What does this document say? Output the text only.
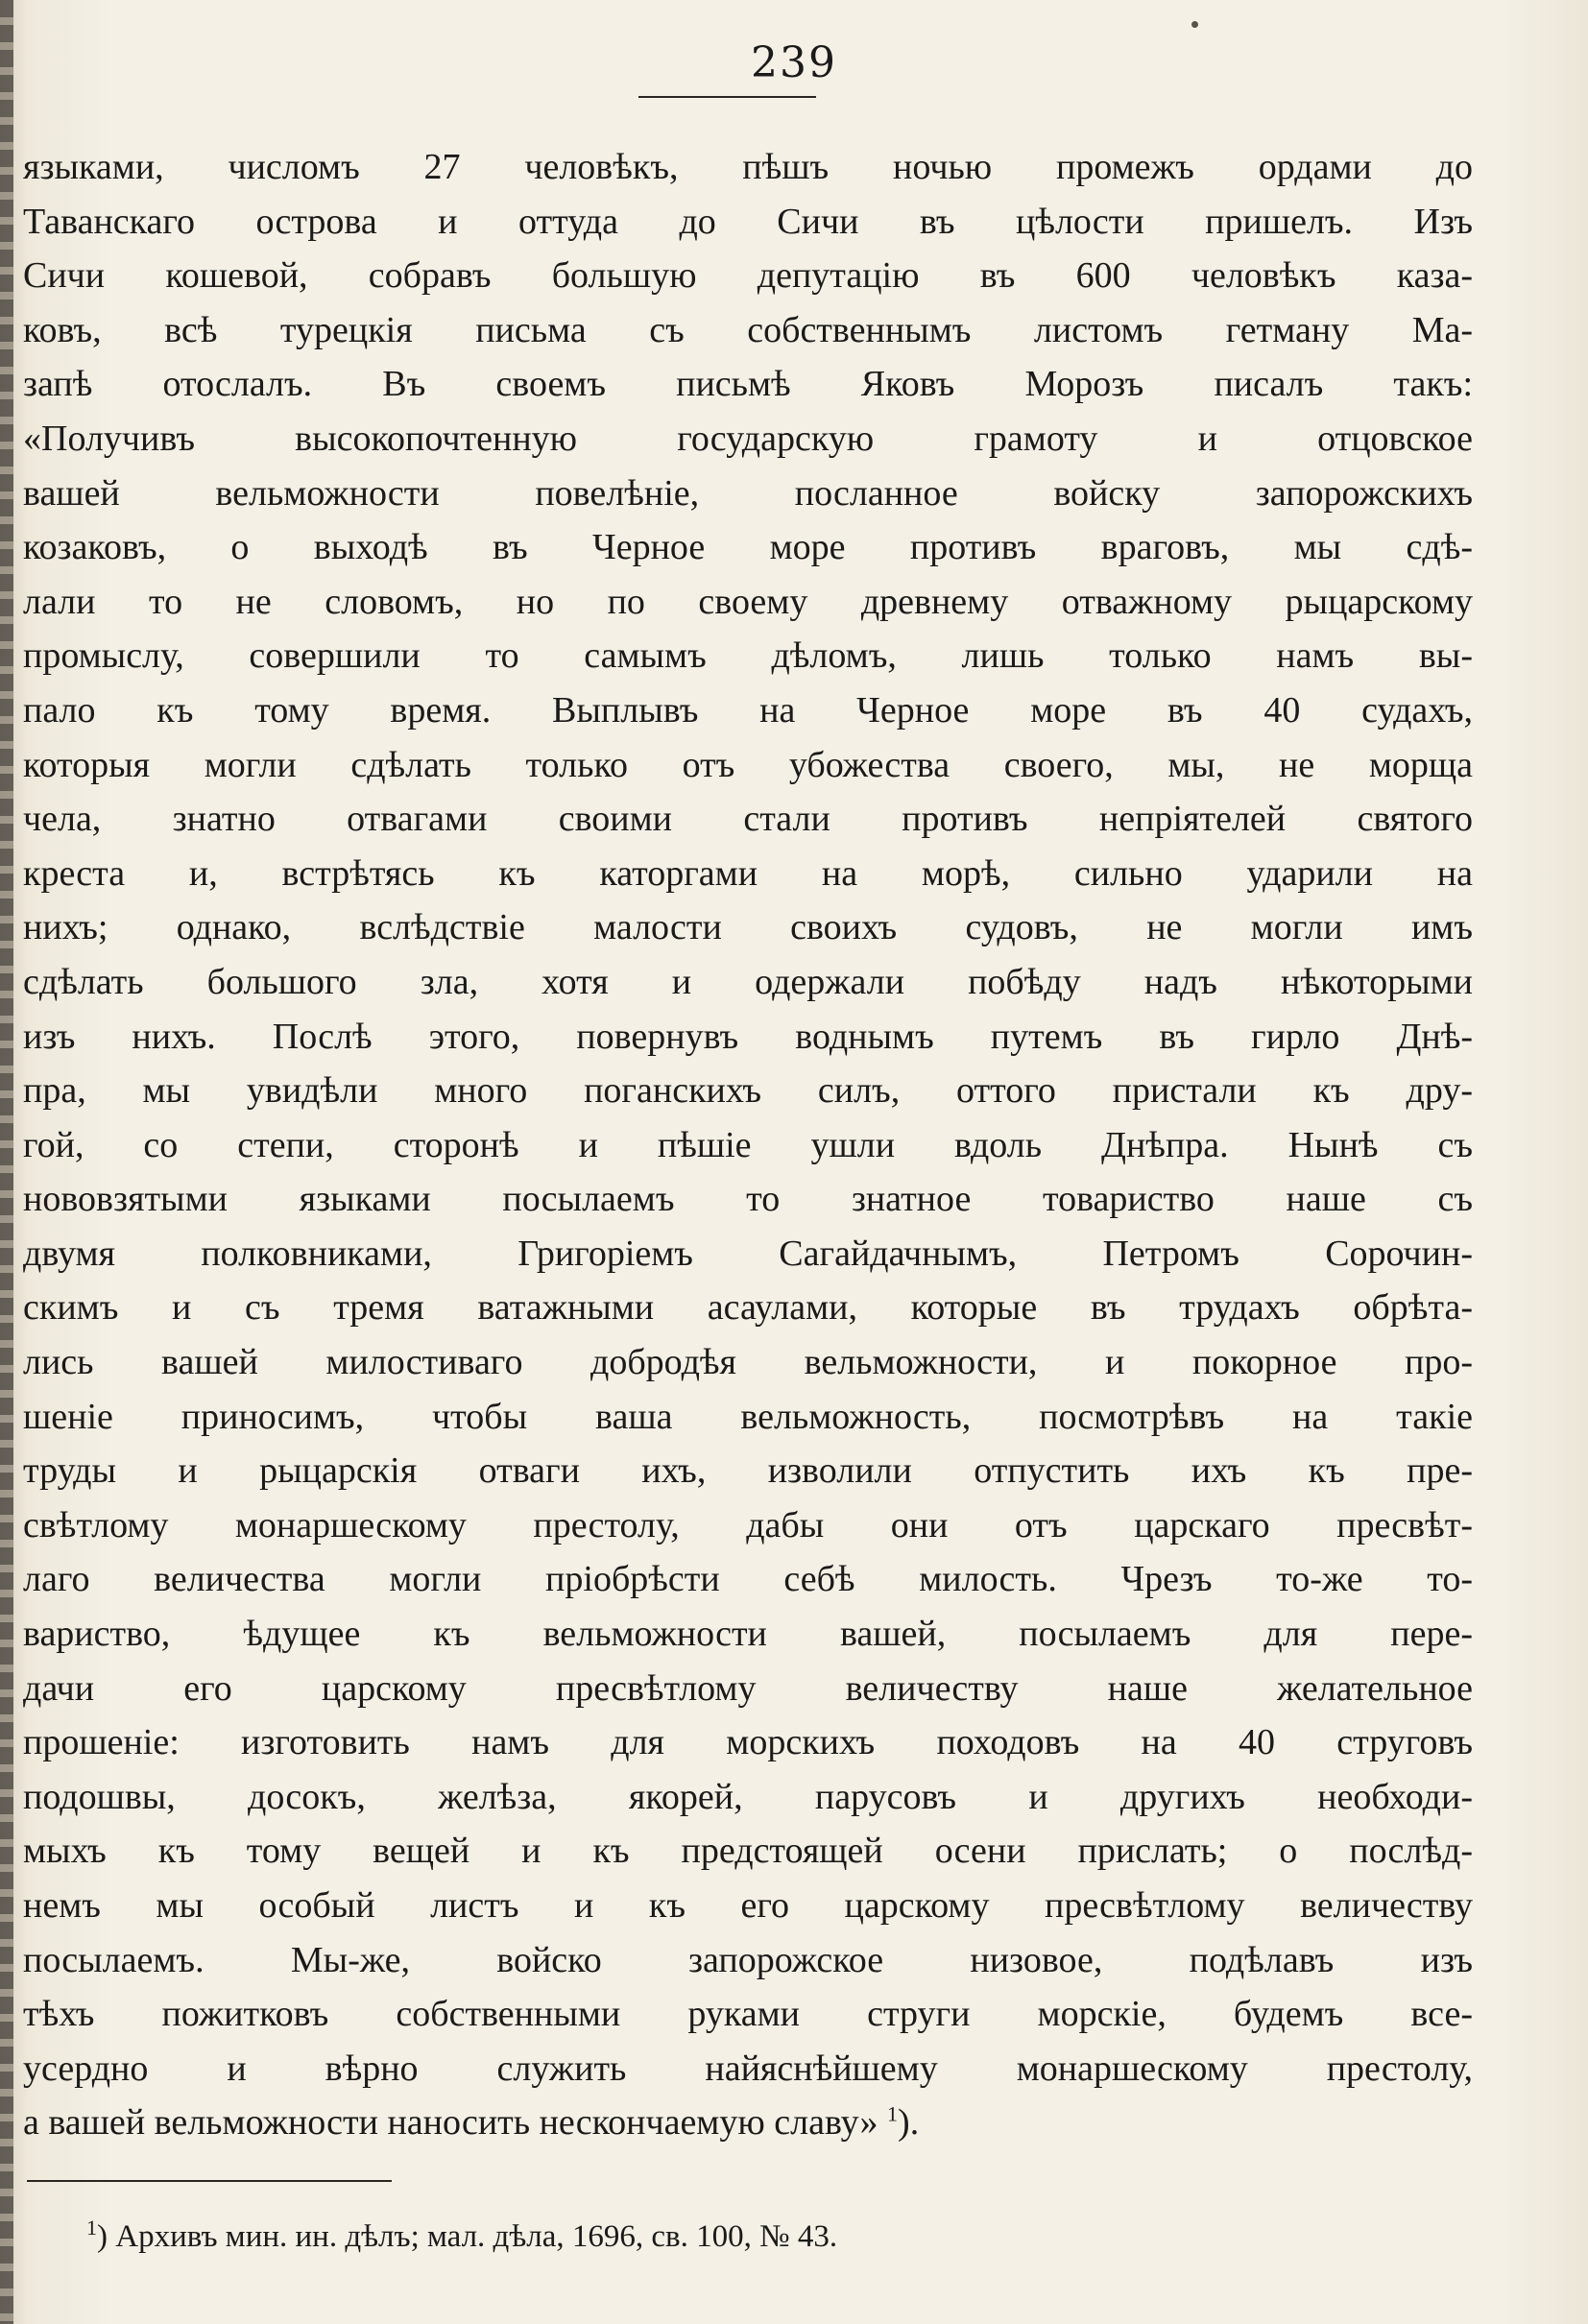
239
языками, числомъ 27 человѣкъ, пѣшъ ночью промежъ ордами до
Таванскаго острова и оттуда до Сичи въ цѣлости пришелъ. Изъ
Сичи кошевой, собравъ большую депутацію въ 600 человѣкъ каза-
ковъ, всѣ турецкія письма съ собственнымъ листомъ гетману Ма-
запѣ отослалъ. Въ своемъ письмѣ Яковъ Морозъ писалъ такъ:
«Получивъ высокопочтенную государскую грамоту и отцовское
вашей вельможности повелѣніе, посланное войску запорожскихъ
козаковъ, о выходѣ въ Черное море противъ враговъ, мы сдѣ-
лали то не словомъ, но по своему древнему отважному рыцарскому
промыслу, совершили то самымъ дѣломъ, лишь только намъ вы-
пало къ тому время. Выплывъ на Черное море въ 40 судахъ,
которыя могли сдѣлать только отъ убожества своего, мы, не морща
чела, знатно отвагами своими стали противъ непріятелей святого
креста и, встрѣтясь къ каторгами на морѣ, сильно ударили на
нихъ; однако, вслѣдствіе малости своихъ судовъ, не могли имъ
сдѣлать большого зла, хотя и одержали побѣду надъ нѣкоторыми
изъ нихъ. Послѣ этого, повернувъ воднымъ путемъ въ гирло Днѣ-
пра, мы увидѣли много поганскихъ силъ, оттого пристали къ дру-
гой, со степи, сторонѣ и пѣшіе ушли вдоль Днѣпра. Нынѣ съ
нововзятыми языками посылаемъ то знатное товариство наше съ
двумя полковниками, Григоріемъ Сагайдачнымъ, Петромъ Сорочин-
скимъ и съ тремя ватажными асаулами, которые въ трудахъ обрѣта-
лись вашей милостиваго добродѣя вельможности, и покорное про-
шеніе приносимъ, чтобы ваша вельможность, посмотрѣвъ на такіе
труды и рыцарскія отваги ихъ, изволили отпустить ихъ къ пре-
свѣтлому монаршескому престолу, дабы они отъ царскаго пресвѣт-
лаго величества могли пріобрѣсти себѣ милость. Чрезъ то-же то-
вариство, ѣдущее къ вельможности вашей, посылаемъ для пере-
дачи его царскому пресвѣтлому величеству наше желательное
прошеніе: изготовить намъ для морскихъ походовъ на 40 струговъ
подошвы, досокъ, желѣза, якорей, парусовъ и другихъ необходи-
мыхъ къ тому вещей и къ предстоящей осени прислать; о послѣд-
немъ мы особый листъ и къ его царскому пресвѣтлому величеству
посылаемъ. Мы-же, войско запорожское низовое, подѣлавъ изъ
тѣхъ пожитковъ собственными руками струги морскіе, будемъ все-
усердно и вѣрно служить найяснѣйшему монаршескому престолу,
а вашей вельможности наносить нескончаемую славу» $^1$).
$^1$) Архивъ мин. ин. дѣлъ; мал. дѣла, 1696, св. 100, № 43.
